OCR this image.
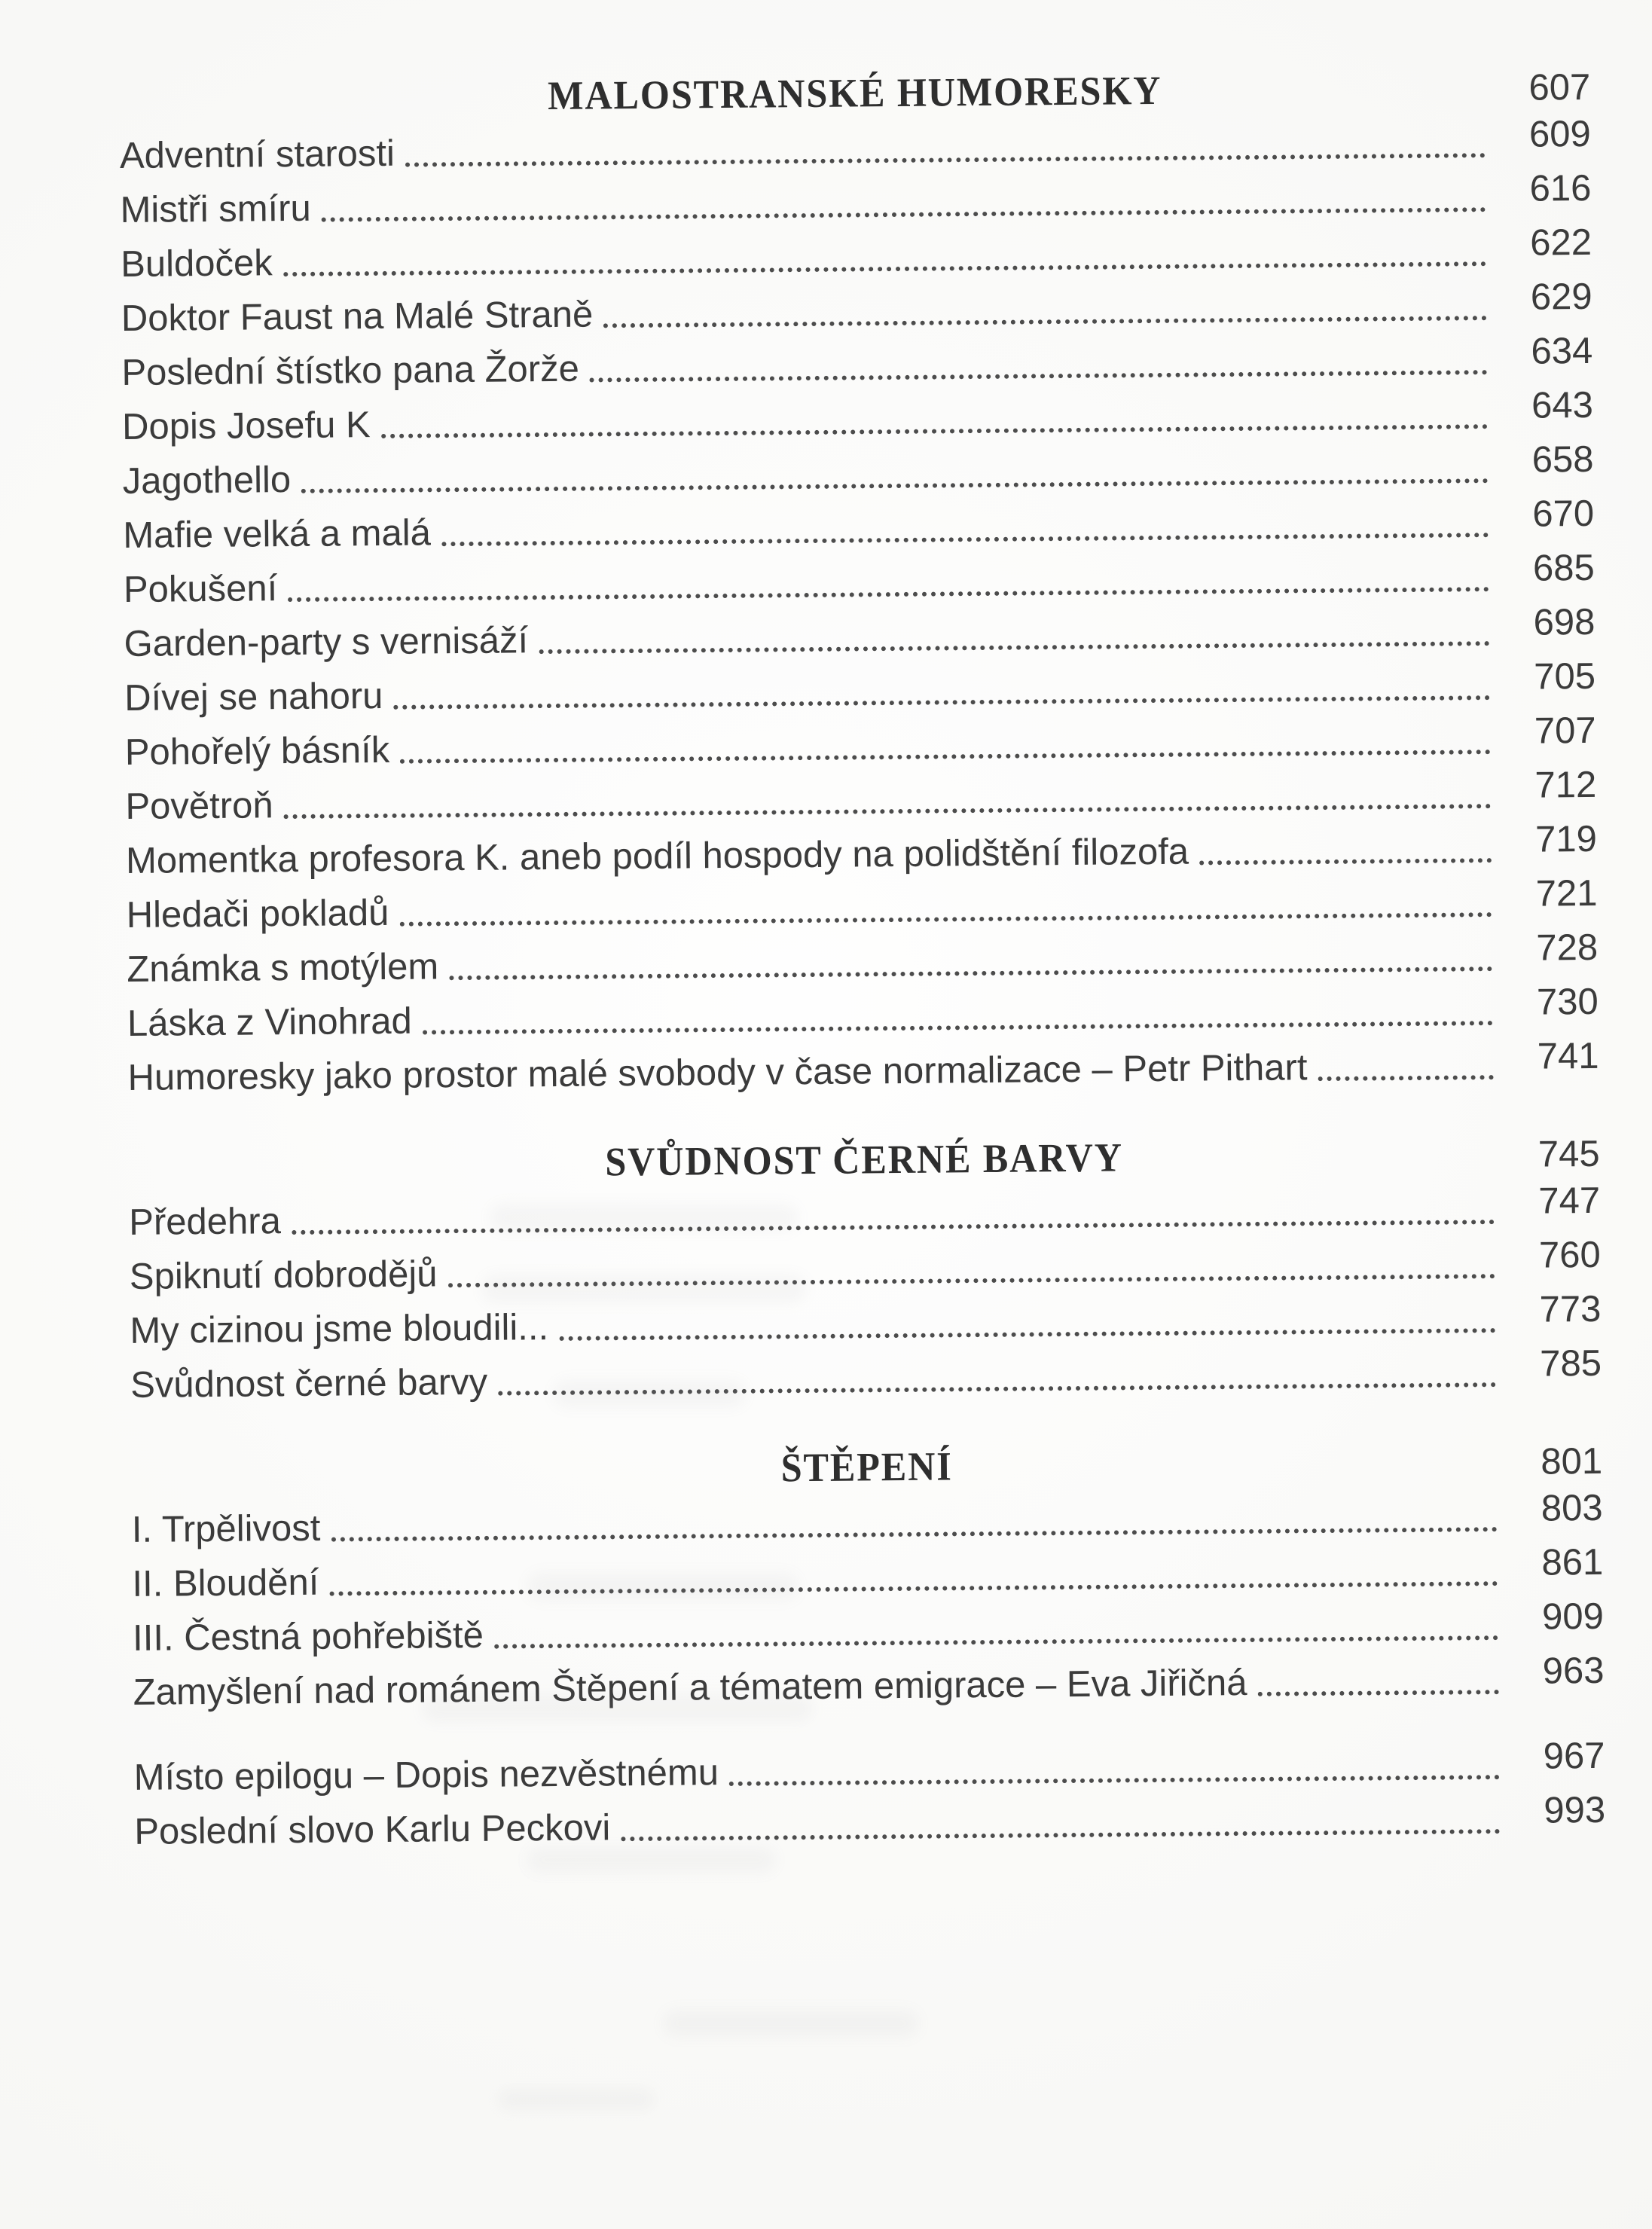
MALOSTRANSKÉ HUMORESKY	607
Adventní starosti	609
Mistři smíru	616
Buldoček	622
Doktor Faust na Malé Straně	629
Poslední štístko pana Žorže	634
Dopis Josefu K	643
Jagothello	658
Mafie velká a malá	670
Pokušení	685
Garden-party s vernisáží	698
Dívej se nahoru	705
Pohořelý básník	707
Povětroň	712
Momentka profesora K. aneb podíl hospody na polidštění filozofa	719
Hledači pokladů	721
Známka s motýlem	728
Láska z Vinohrad	730
Humoresky jako prostor malé svobody v čase normalizace – Petr Pithart	741
SVŮDNOST ČERNÉ BARVY	745
Předehra	747
Spiknutí dobrodějů	760
My cizinou jsme bloudili...	773
Svůdnost černé barvy	785
ŠTĚPENÍ	801
I. Trpělivost	803
II. Bloudění	861
III. Čestná pohřebiště	909
Zamyšlení nad románem Štěpení a tématem emigrace – Eva Jiřičná	963
Místo epilogu – Dopis nezvěstnému	967
Poslední slovo Karlu Peckovi	993
